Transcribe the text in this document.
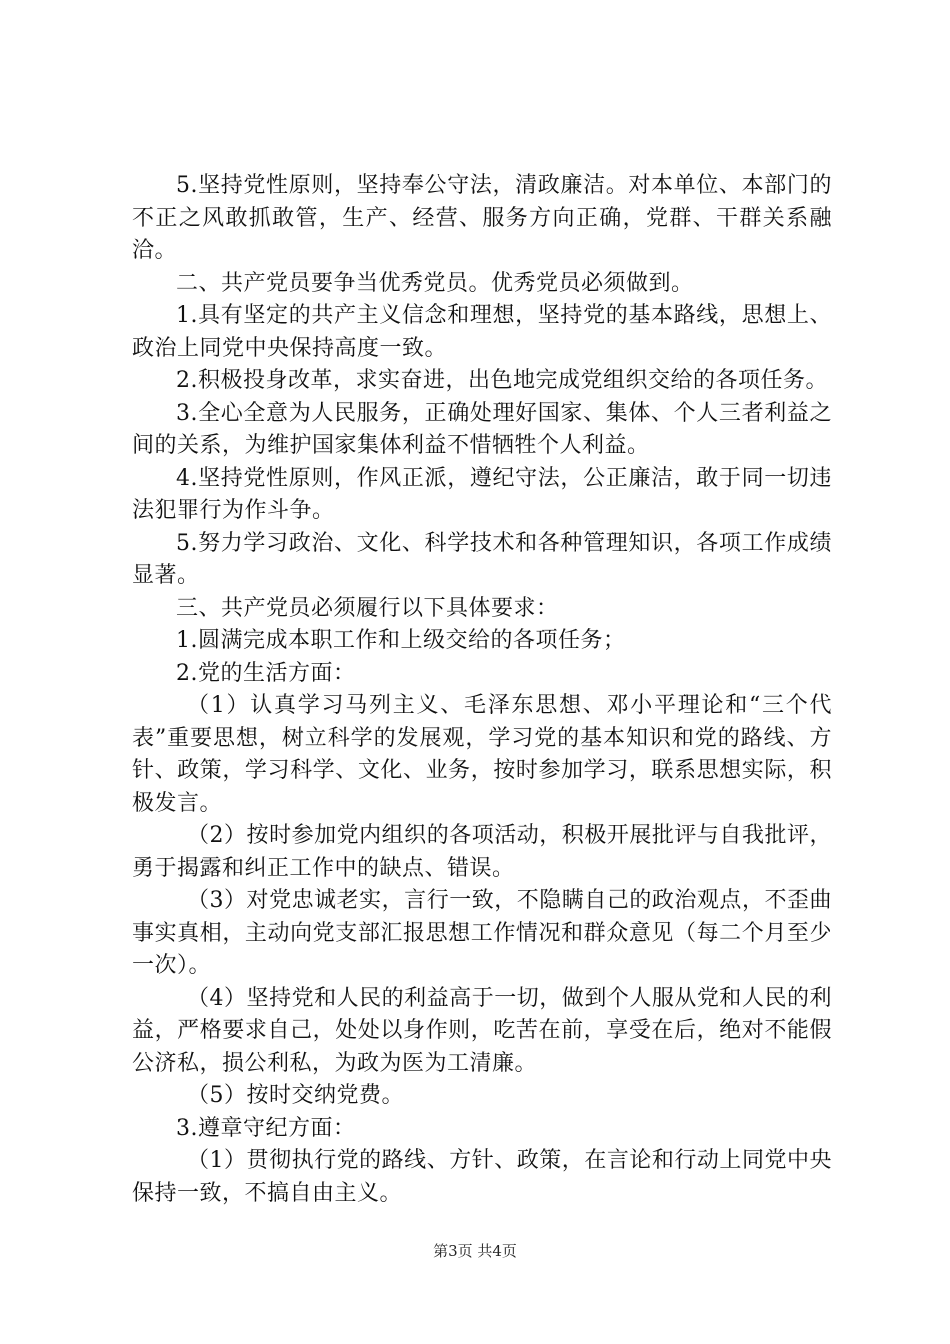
5.坚持党性原则，坚持奉公守法，清政廉洁。对本单位、本部门的不正之风敢抓敢管，生产、经营、服务方向正确，党群、干群关系融洽。

二、共产党员要争当优秀党员。优秀党员必须做到。

1.具有坚定的共产主义信念和理想，坚持党的基本路线，思想上、政治上同党中央保持高度一致。

2.积极投身改革，求实奋进，出色地完成党组织交给的各项任务。

3.全心全意为人民服务，正确处理好国家、集体、个人三者利益之间的关系，为维护国家集体利益不惜牺牲个人利益。

4.坚持党性原则，作风正派，遵纪守法，公正廉洁，敢于同一切违法犯罪行为作斗争。

5.努力学习政治、文化、科学技术和各种管理知识，各项工作成绩显著。

三、共产党员必须履行以下具体要求：

1.圆满完成本职工作和上级交给的各项任务；

2.党的生活方面：

（1）认真学习马列主义、毛泽东思想、邓小平理论和“三个代表”重要思想，树立科学的发展观，学习党的基本知识和党的路线、方针、政策，学习科学、文化、业务，按时参加学习，联系思想实际，积极发言。

（2）按时参加党内组织的各项活动，积极开展批评与自我批评，勇于揭露和纠正工作中的缺点、错误。

（3）对党忠诚老实，言行一致，不隐瞒自己的政治观点，不歪曲事实真相，主动向党支部汇报思想工作情况和群众意见（每二个月至少一次）。

（4）坚持党和人民的利益高于一切，做到个人服从党和人民的利益，严格要求自己，处处以身作则，吃苦在前，享受在后，绝对不能假公济私，损公利私，为政为医为工清廉。

（5）按时交纳党费。

3.遵章守纪方面：

（1）贯彻执行党的路线、方针、政策，在言论和行动上同党中央保持一致，不搞自由主义。

第3页 共4页
